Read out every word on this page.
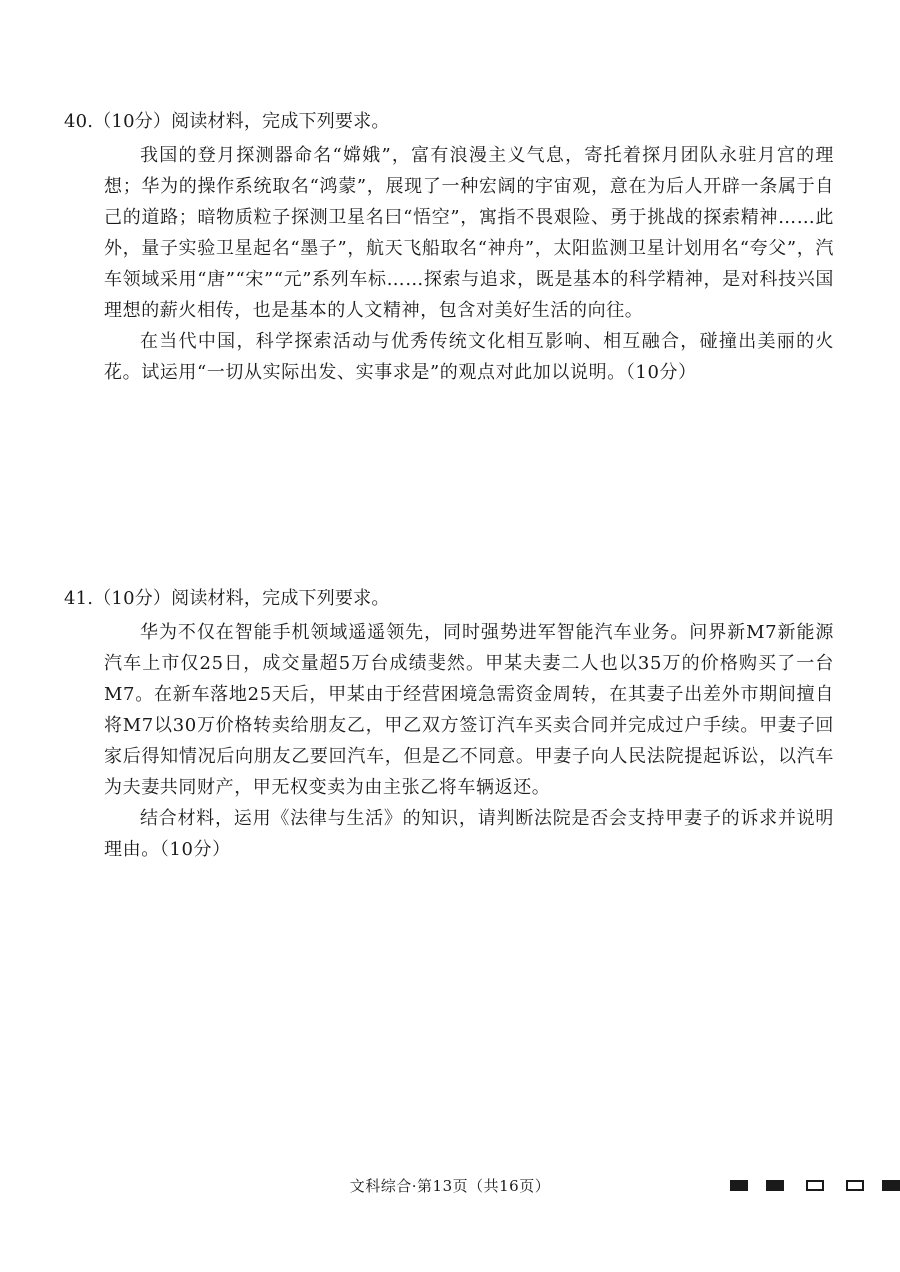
40.（10分）阅读材料，完成下列要求。

我国的登月探测器命名“嫦娥”，富有浪漫主义气息，寄托着探月团队永驻月宫的理想；华为的操作系统取名“鸿蒙”，展现了一种宏阔的宇宙观，意在为后人开辟一条属于自己的道路；暗物质粒子探测卫星名曰“悟空”，寓指不畏艰险、勇于挑战的探索精神……此外，量子实验卫星起名“墨子”，航天飞船取名“神舟”，太阳监测卫星计划用名“夸父”，汽车领域采用“唐”“宋”“元”系列车标……探索与追求，既是基本的科学精神，是对科技兴国理想的薪火相传，也是基本的人文精神，包含对美好生活的向往。

在当代中国，科学探索活动与优秀传统文化相互影响、相互融合，碰撞出美丽的火花。试运用“一切从实际出发、实事求是”的观点对此加以说明。（10分）

41.（10分）阅读材料，完成下列要求。

华为不仅在智能手机领域遥遥领先，同时强势进军智能汽车业务。问界新M7新能源汽车上市仅25日，成交量超5万台成绩斐然。甲某夫妻二人也以35万的价格购买了一台M7。在新车落地25天后，甲某由于经营困境急需资金周转，在其妻子出差外市期间擅自将M7以30万价格转卖给朋友乙，甲乙双方签订汽车买卖合同并完成过户手续。甲妻子回家后得知情况后向朋友乙要回汽车，但是乙不同意。甲妻子向人民法院提起诉讼，以汽车为夫妻共同财产，甲无权变卖为由主张乙将车辆返还。

结合材料，运用《法律与生活》的知识，请判断法院是否会支持甲妻子的诉求并说明理由。（10分）

文科综合·第13页（共16页）
